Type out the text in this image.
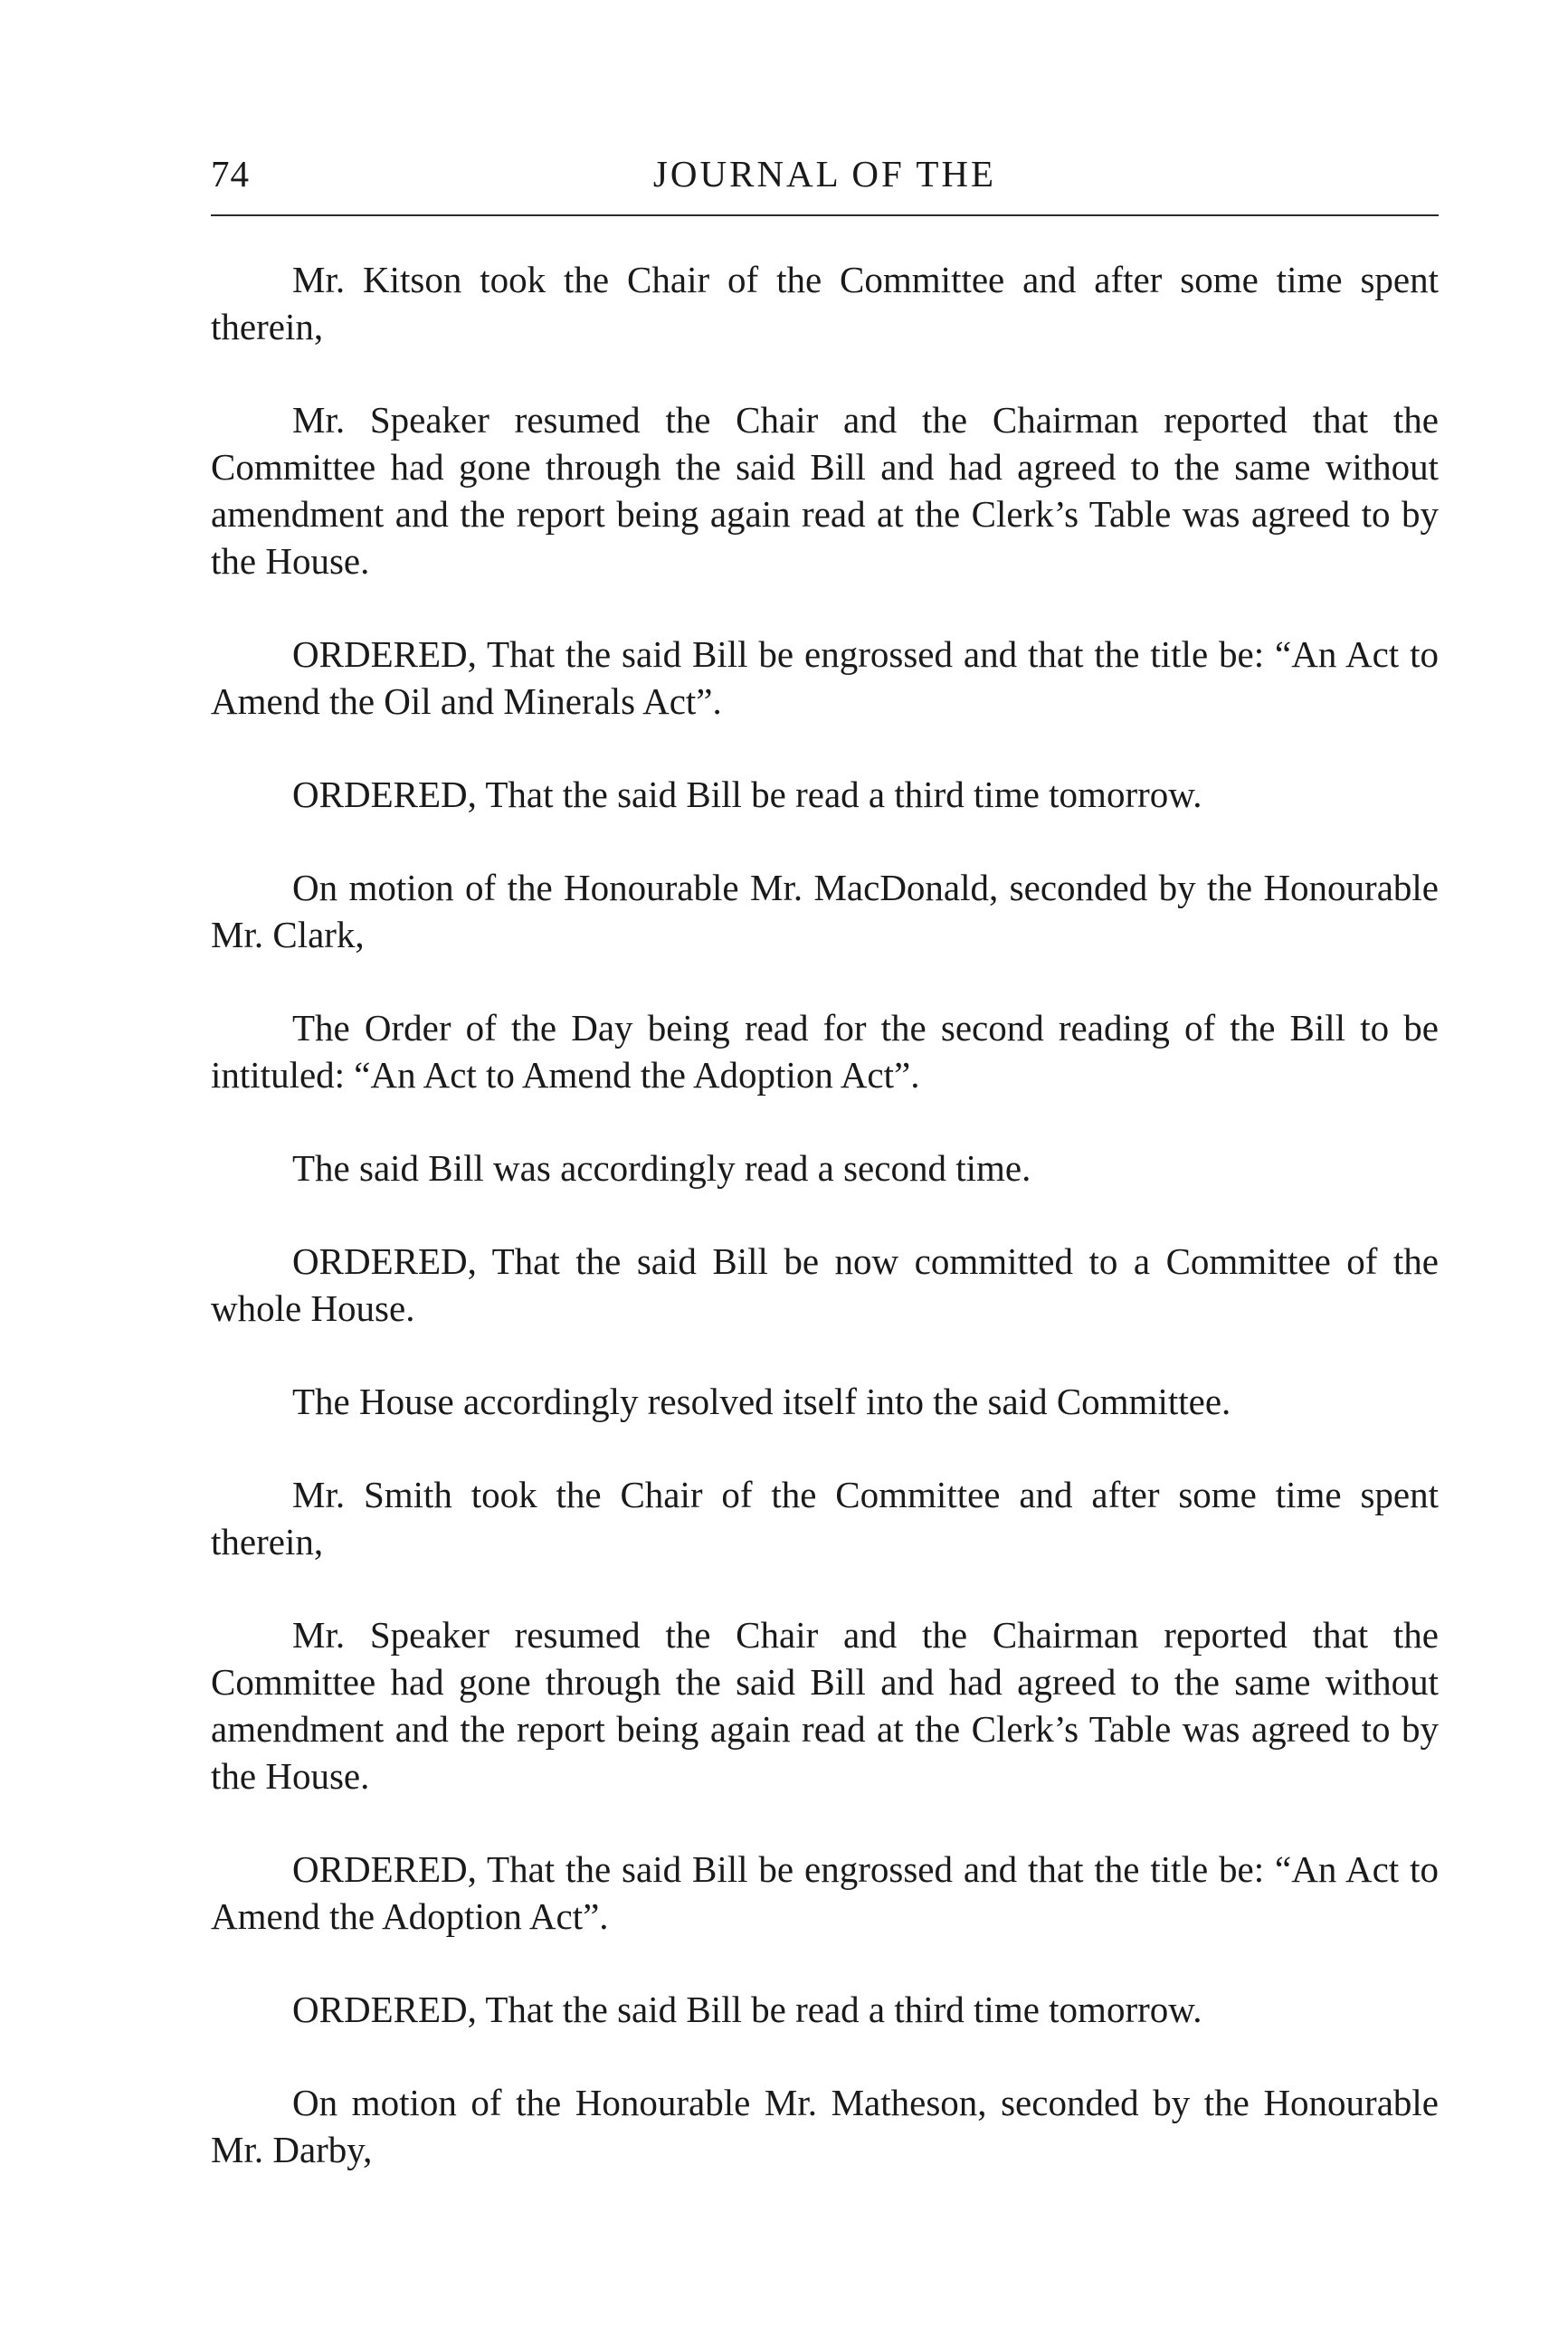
74	JOURNAL OF THE

Mr. Kitson took the Chair of the Committee and after some time spent therein,

Mr. Speaker resumed the Chair and the Chairman reported that the Committee had gone through the said Bill and had agreed to the same without amendment and the report being again read at the Clerk’s Table was agreed to by the House.

ORDERED, That the said Bill be engrossed and that the title be: “An Act to Amend the Oil and Minerals Act”.

ORDERED, That the said Bill be read a third time tomorrow.

On motion of the Honourable Mr. MacDonald, seconded by the Honourable Mr. Clark,

The Order of the Day being read for the second reading of the Bill to be intituled: “An Act to Amend the Adoption Act”.

The said Bill was accordingly read a second time.

ORDERED, That the said Bill be now committed to a Committee of the whole House.

The House accordingly resolved itself into the said Committee.

Mr. Smith took the Chair of the Committee and after some time spent therein,

Mr. Speaker resumed the Chair and the Chairman reported that the Committee had gone through the said Bill and had agreed to the same without amendment and the report being again read at the Clerk’s Table was agreed to by the House.

ORDERED, That the said Bill be engrossed and that the title be: “An Act to Amend the Adoption Act”.

ORDERED, That the said Bill be read a third time tomorrow.

On motion of the Honourable Mr. Matheson, seconded by the Honourable Mr. Darby,
